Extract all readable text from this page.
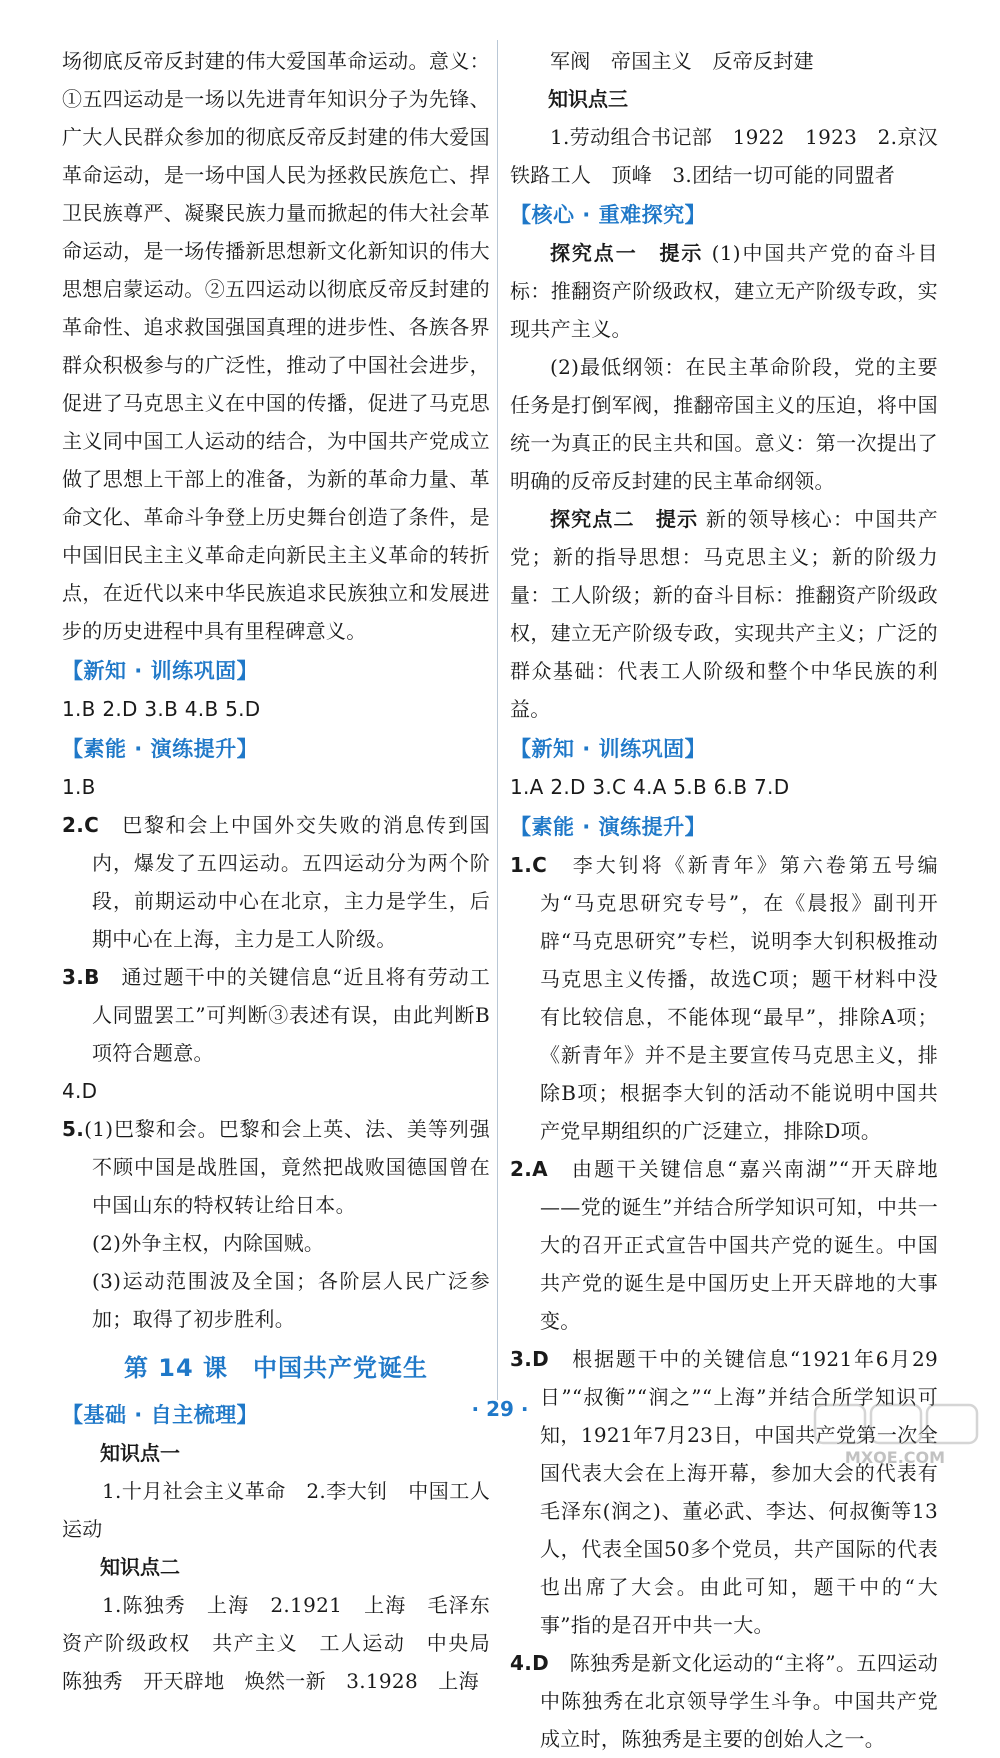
场彻底反帝反封建的伟大爱国革命运动。意义：①五四运动是一场以先进青年知识分子为先锋、广大人民群众参加的彻底反帝反封建的伟大爱国革命运动，是一场中国人民为拯救民族危亡、捍卫民族尊严、凝聚民族力量而掀起的伟大社会革命运动，是一场传播新思想新文化新知识的伟大思想启蒙运动。②五四运动以彻底反帝反封建的革命性、追求救国强国真理的进步性、各族各界群众积极参与的广泛性，推动了中国社会进步，促进了马克思主义在中国的传播，促进了马克思主义同中国工人运动的结合，为中国共产党成立做了思想上干部上的准备，为新的革命力量、革命文化、革命斗争登上历史舞台创造了条件，是中国旧民主主义革命走向新民主主义革命的转折点，在近代以来中华民族追求民族独立和发展进步的历史进程中具有里程碑意义。

【新知 · 训练巩固】

1.B 2.D 3.B 4.B 5.D

【素能 · 演练提升】

1.B

2.C　 巴黎和会上中国外交失败的消息传到国内，爆发了五四运动。五四运动分为两个阶段，前期运动中心在北京，主力是学生，后期中心在上海，主力是工人阶级。

3.B　 通过题干中的关键信息“近且将有劳动工人同盟罢工”可判断③表述有误，由此判断B项符合题意。

4.D

5.(1)巴黎和会。巴黎和会上英、法、美等列强不顾中国是战胜国，竟然把战败国德国曾在中国山东的特权转让给日本。

(2)外争主权，内除国贼。

(3)运动范围波及全国；各阶层人民广泛参加；取得了初步胜利。

第 14 课　中国共产党诞生
【基础 · 自主梳理】
知识点一

1.十月社会主义革命　2.李大钊　中国工人运动

知识点二

1.陈独秀　上海　2.1921　上海　毛泽东　资产阶级政权　共产主义　工人运动　中央局　陈独秀　开天辟地　焕然一新　3.1928　上海

军阀　帝国主义　反帝反封建

知识点三

1.劳动组合书记部　1922　1923　2.京汉铁路工人　顶峰　3.团结一切可能的同盟者

【核心 · 重难探究】

探究点一　提示 (1)中国共产党的奋斗目标：推翻资产阶级政权，建立无产阶级专政，实现共产主义。

(2)最低纲领：在民主革命阶段，党的主要任务是打倒军阀，推翻帝国主义的压迫，将中国统一为真正的民主共和国。意义：第一次提出了明确的反帝反封建的民主革命纲领。

探究点二　提示 新的领导核心：中国共产党；新的指导思想：马克思主义；新的阶级力量：工人阶级；新的奋斗目标：推翻资产阶级政权，建立无产阶级专政，实现共产主义；广泛的群众基础：代表工人阶级和整个中华民族的利益。

【新知 · 训练巩固】

1.A 2.D 3.C 4.A 5.B 6.B 7.D

【素能 · 演练提升】

1.C　 李大钊将《新青年》第六卷第五号编为“马克思研究专号”，在《晨报》副刊开辟“马克思研究”专栏，说明李大钊积极推动马克思主义传播，故选C项；题干材料中没有比较信息，不能体现“最早”，排除A项；《新青年》并不是主要宣传马克思主义，排除B项；根据李大钊的活动不能说明中国共产党早期组织的广泛建立，排除D项。

2.A　 由题干关键信息“嘉兴南湖”“开天辟地——党的诞生”并结合所学知识可知，中共一大的召开正式宣告中国共产党的诞生。中国共产党的诞生是中国历史上开天辟地的大事变。

3.D　 根据题干中的关键信息“1921年6月29日”“叔衡”“润之”“上海”并结合所学知识可知，1921年7月23日，中国共产党第一次全国代表大会在上海开幕，参加大会的代表有毛泽东(润之)、董必武、李达、何叔衡等13人，代表全国50多个党员，共产国际的代表也出席了大会。由此可知，题干中的“大事”指的是召开中共一大。

4.D　 陈独秀是新文化运动的“主将”。五四运动中陈独秀在北京领导学生斗争。中国共产党成立时，陈独秀是主要的创始人之一。

· 29 ·
MXQE.COM
